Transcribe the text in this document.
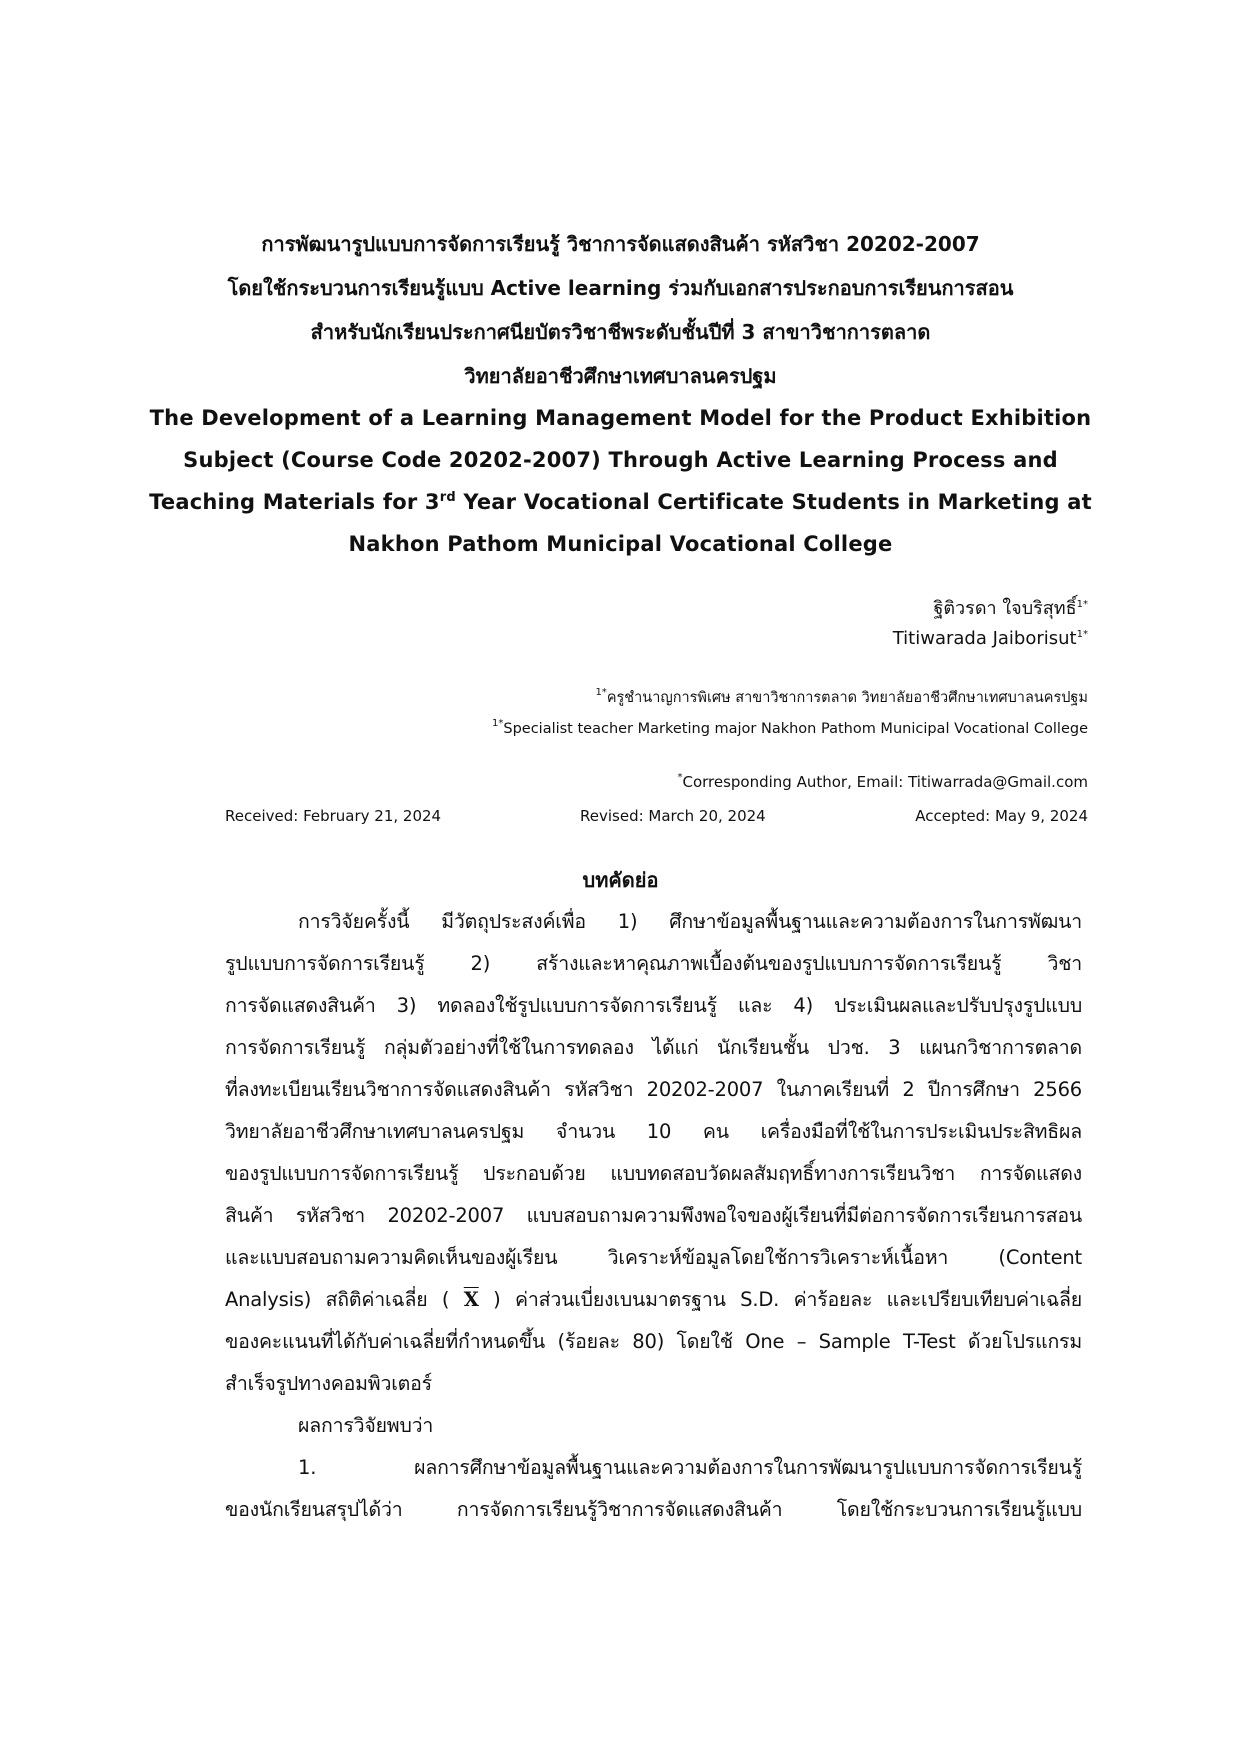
การพัฒนารูปแบบการจัดการเรียนรู้ วิชาการจัดแสดงสินค้า รหัสวิชา 20202-2007
โดยใช้กระบวนการเรียนรู้แบบ Active learning ร่วมกับเอกสารประกอบการเรียนการสอน
สำหรับนักเรียนประกาศนียบัตรวิชาชีพระดับชั้นปีที่ 3 สาขาวิชาการตลาด
วิทยาลัยอาชีวศึกษาเทศบาลนครปฐม
The Development of a Learning Management Model for the Product Exhibition
Subject (Course Code 20202-2007) Through Active Learning Process and
Teaching Materials for 3rd Year Vocational Certificate Students in Marketing at
Nakhon Pathom Municipal Vocational College
ฐิติวรดา ใจบริสุทธิ์$^{1*}$
Titiwarada Jaiborisut$^{1*}$
$^{1*}$ครูชำนาญการพิเศษ สาขาวิชาการตลาด วิทยาลัยอาชีวศึกษาเทศบาลนครปฐม
$^{1*}$Specialist teacher Marketing major Nakhon Pathom Municipal Vocational College
*Corresponding Author, Email: Titiwarrada@Gmail.com
Received: February 21, 2024	Revised: March 20, 2024	Accepted: May 9, 2024
บทคัดย่อ
การวิจัยครั้งนี้ มีวัตถุประสงค์เพื่อ 1) ศึกษาข้อมูลพื้นฐานและความต้องการในการพัฒนา
รูปแบบการจัดการเรียนรู้ 2) สร้างและหาคุณภาพเบื้องต้นของรูปแบบการจัดการเรียนรู้ วิชา
การจัดแสดงสินค้า 3) ทดลองใช้รูปแบบการจัดการเรียนรู้ และ 4) ประเมินผลและปรับปรุงรูปแบบ
การจัดการเรียนรู้ กลุ่มตัวอย่างที่ใช้ในการทดลอง ได้แก่ นักเรียนชั้น ปวช. 3 แผนกวิชาการตลาด
ที่ลงทะเบียนเรียนวิชาการจัดแสดงสินค้า รหัสวิชา 20202-2007 ในภาคเรียนที่ 2 ปีการศึกษา 2566
วิทยาลัยอาชีวศึกษาเทศบาลนครปฐม จำนวน 10 คน เครื่องมือที่ใช้ในการประเมินประสิทธิผล
ของรูปแบบการจัดการเรียนรู้ ประกอบด้วย แบบทดสอบวัดผลสัมฤทธิ์ทางการเรียนวิชา การจัดแสดง
สินค้า รหัสวิชา 20202-2007 แบบสอบถามความพึงพอใจของผู้เรียนที่มีต่อการจัดการเรียนการสอน
และแบบสอบถามความคิดเห็นของผู้เรียน วิเคราะห์ข้อมูลโดยใช้การวิเคราะห์เนื้อหา (Content
Analysis) สถิติค่าเฉลี่ย ( $\overline{X}$ ) ค่าส่วนเบี่ยงเบนมาตรฐาน S.D. ค่าร้อยละ และเปรียบเทียบค่าเฉลี่ย
ของคะแนนที่ได้กับค่าเฉลี่ยที่กำหนดขึ้น (ร้อยละ 80) โดยใช้ One – Sample T-Test ด้วยโปรแกรม
สำเร็จรูปทางคอมพิวเตอร์
ผลการวิจัยพบว่า
1. ผลการศึกษาข้อมูลพื้นฐานและความต้องการในการพัฒนารูปแบบการจัดการเรียนรู้
ของนักเรียนสรุปได้ว่า การจัดการเรียนรู้วิชาการจัดแสดงสินค้า โดยใช้กระบวนการเรียนรู้แบบ
